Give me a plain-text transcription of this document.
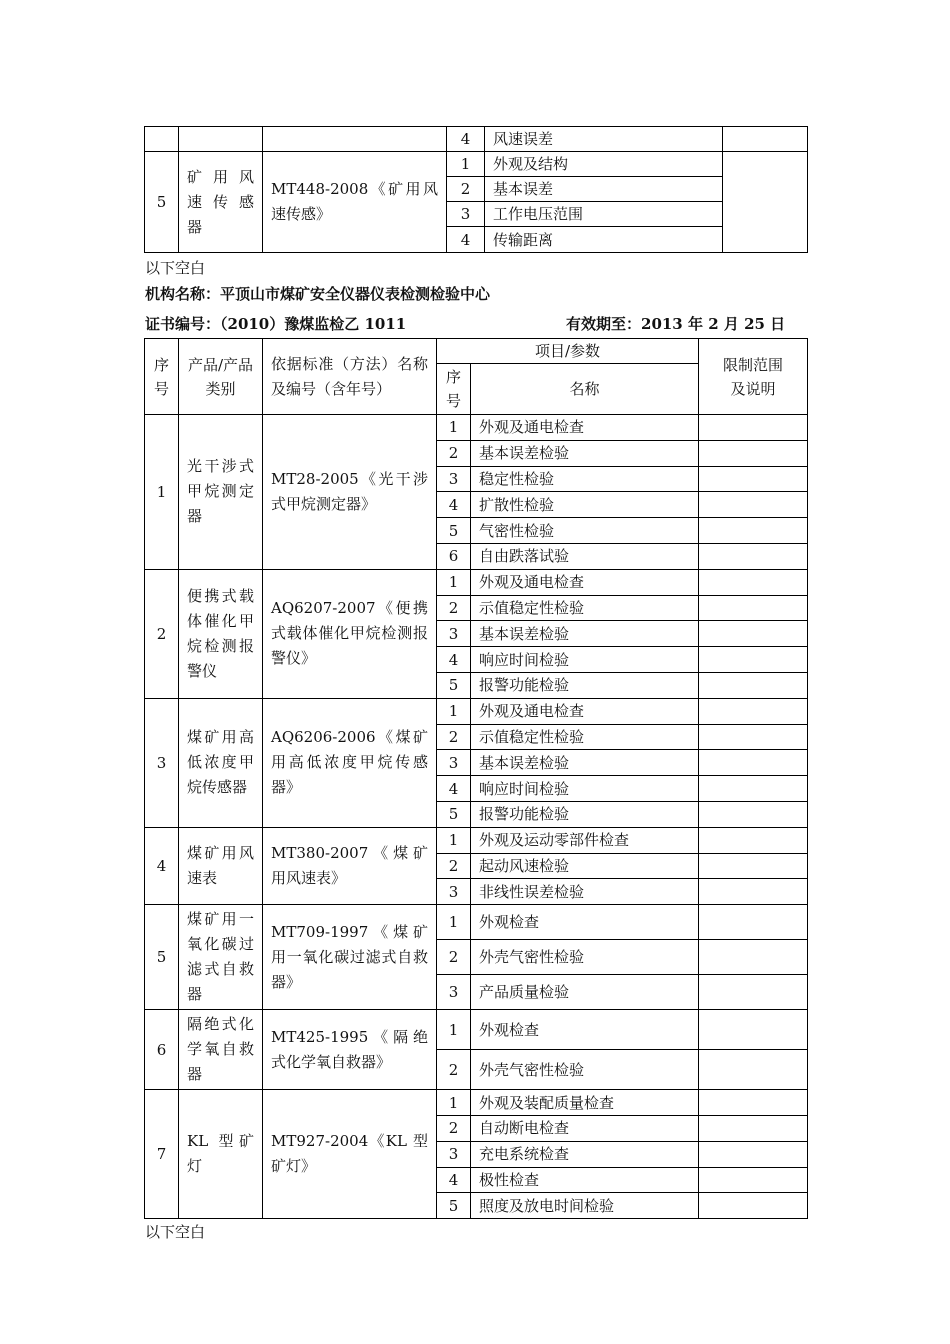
			4	风速误差	
5	矿 用 风速 传 感器	MT448-2008《矿用风速传感》	1	外观及结构	
			2	基本误差	
			3	工作电压范围	
			4	传输距离	
以下空白
机构名称：平顶山市煤矿安全仪器仪表检测检验中心
证书编号：（2010）豫煤监检乙 1011	有效期至：2013 年 2 月 25 日
序号	产品/产品类别	依据标准（方法）名称及编号（含年号）	项目/参数		限制范围及说明
			序号	名称	
1	光干涉式甲烷测定器	MT28-2005《光干涉式甲烷测定器》	1	外观及通电检查	
			2	基本误差检验	
			3	稳定性检验	
			4	扩散性检验	
			5	气密性检验	
			6	自由跌落试验	
2	便携式载体催化甲烷检测报警仪	AQ6207-2007《便携式载体催化甲烷检测报警仪》	1	外观及通电检查	
			2	示值稳定性检验	
			3	基本误差检验	
			4	响应时间检验	
			5	报警功能检验	
3	煤矿用高低浓度甲烷传感器	AQ6206-2006《煤矿用高低浓度甲烷传感器》	1	外观及通电检查	
			2	示值稳定性检验	
			3	基本误差检验	
			4	响应时间检验	
			5	报警功能检验	
4	煤矿用风速表	MT380-2007《煤矿用风速表》	1	外观及运动零部件检查	
			2	起动风速检验	
			3	非线性误差检验	
5	煤矿用一氧化碳过滤式自救器	MT709-1997《煤矿用一氧化碳过滤式自救器》	1	外观检查	
			2	外壳气密性检验	
			3	产品质量检验	
6	隔绝式化学氧自救器	MT425-1995《隔绝式化学氧自救器》	1	外观检查	
			2	外壳气密性检验	
7	KL 型矿灯	MT927-2004《KL 型矿灯》	1	外观及装配质量检查	
			2	自动断电检查	
			3	充电系统检查	
			4	极性检查	
			5	照度及放电时间检验	
以下空白
